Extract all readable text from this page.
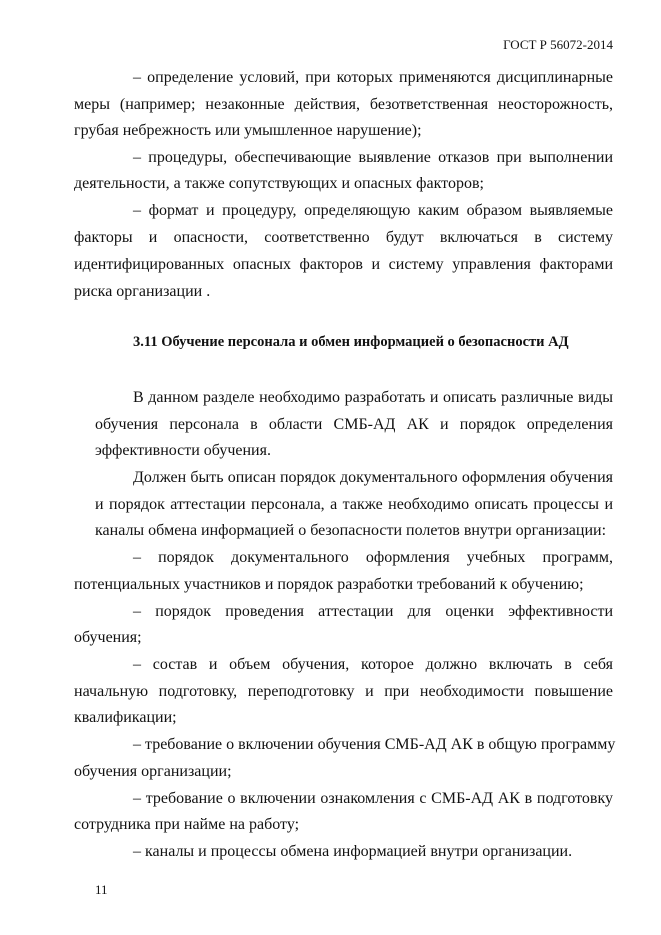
ГОСТ Р 56072-2014
– определение условий, при которых применяются дисциплинарные
меры (например; незаконные действия, безответственная неосторожность,
грубая небрежность или умышленное нарушение);
– процедуры, обеспечивающие выявление отказов при выполнении
деятельности, а также сопутствующих и опасных факторов;
– формат и процедуру, определяющую каким образом выявляемые
факторы и опасности, соответственно будут включаться в систему
идентифицированных опасных факторов и систему управления факторами
риска организации .
3.11 Обучение персонала и обмен информацией о безопасности АД
В данном разделе необходимо разработать и описать различные виды
обучения персонала в области СМБ-АД АК и порядок определения
эффективности обучения.
Должен быть описан порядок документального оформления обучения
и порядок аттестации персонала, а также необходимо описать процессы и
каналы обмена информацией о безопасности полетов внутри организации:
– порядок документального оформления учебных программ,
потенциальных участников и порядок разработки требований к обучению;
– порядок проведения аттестации для оценки эффективности
обучения;
– состав и объем обучения, которое должно включать в себя
начальную подготовку, переподготовку и при необходимости повышение
квалификации;
– требование о включении обучения СМБ-АД АК в общую программу
обучения организации;
– требование о включении ознакомления с СМБ-АД АК в подготовку
сотрудника при найме на работу;
– каналы и процессы обмена информацией внутри организации.
11
